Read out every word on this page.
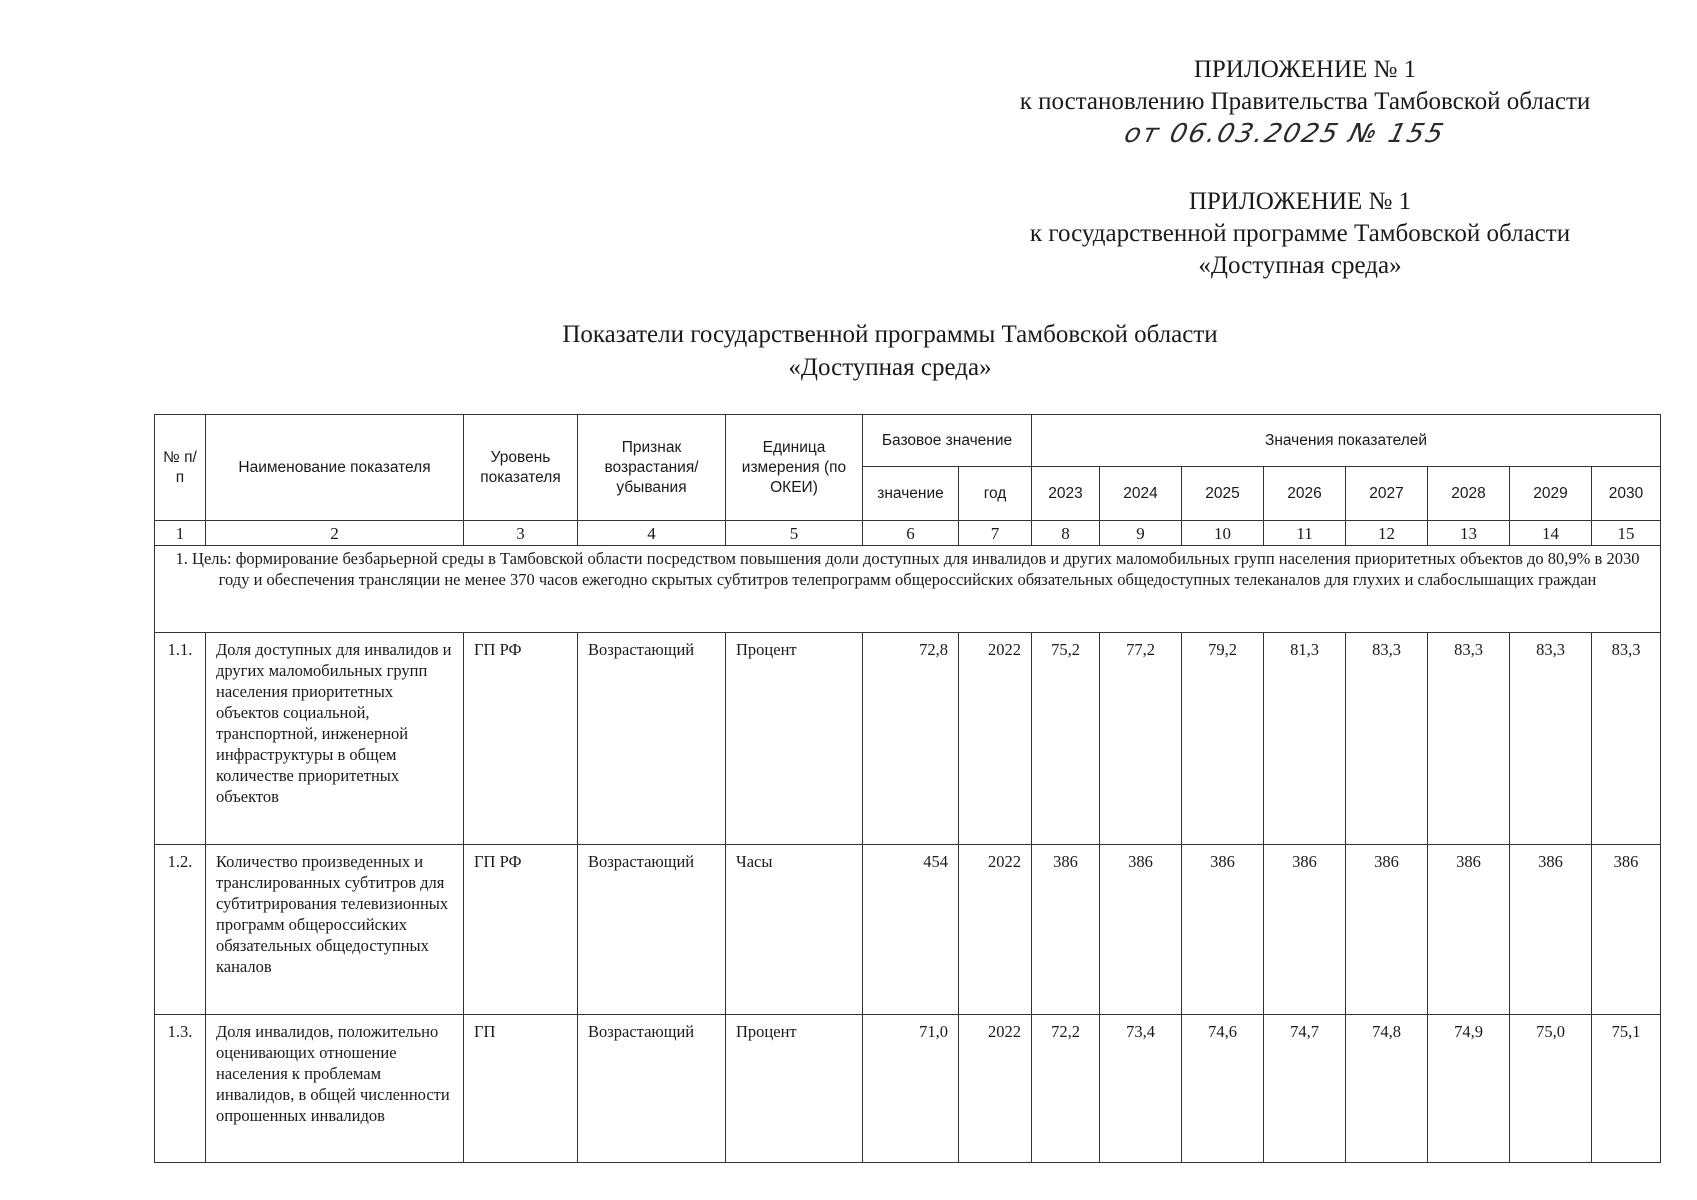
ПРИЛОЖЕНИЕ № 1
к постановлению Правительства Тамбовской области
от 06.03.2025 № 155
ПРИЛОЖЕНИЕ № 1
к государственной программе Тамбовской области
«Доступная среда»
Показатели государственной программы Тамбовской области
«Доступная среда»
№ п/п	Наименование показателя	Уровень показателя	Признак возрастания/ убывания	Единица измерения (по ОКЕИ)	Базовое значение		Значения показателей							
					значение	год	2023	2024	2025	2026	2027	2028	2029	2030
1	2	3	4	5	6	7	8	9	10	11	12	13	14	15
1. Цель: формирование безбарьерной среды в Тамбовской области посредством повышения доли доступных для инвалидов и других маломобильных групп населения приоритетных объектов до 80,9% в 2030 году и обеспечения трансляции не менее 370 часов ежегодно скрытых субтитров телепрограмм общероссийских обязательных общедоступных телеканалов для глухих и слабослышащих граждан														
1.1.	Доля доступных для инвалидов и других маломобильных групп населения приоритетных объектов социальной, транспортной, инженерной инфраструктуры в общем количестве приоритетных объектов	ГП РФ	Возрастающий	Процент	72,8	2022	75,2	77,2	79,2	81,3	83,3	83,3	83,3	83,3
1.2.	Количество произведенных и транслированных субтитров для субтитрирования телевизионных программ общероссийских обязательных общедоступных каналов	ГП РФ	Возрастающий	Часы	454	2022	386	386	386	386	386	386	386	386
1.3.	Доля инвалидов, положительно оценивающих отношение населения к проблемам инвалидов, в общей численности опрошенных инвалидов	ГП	Возрастающий	Процент	71,0	2022	72,2	73,4	74,6	74,7	74,8	74,9	75,0	75,1
